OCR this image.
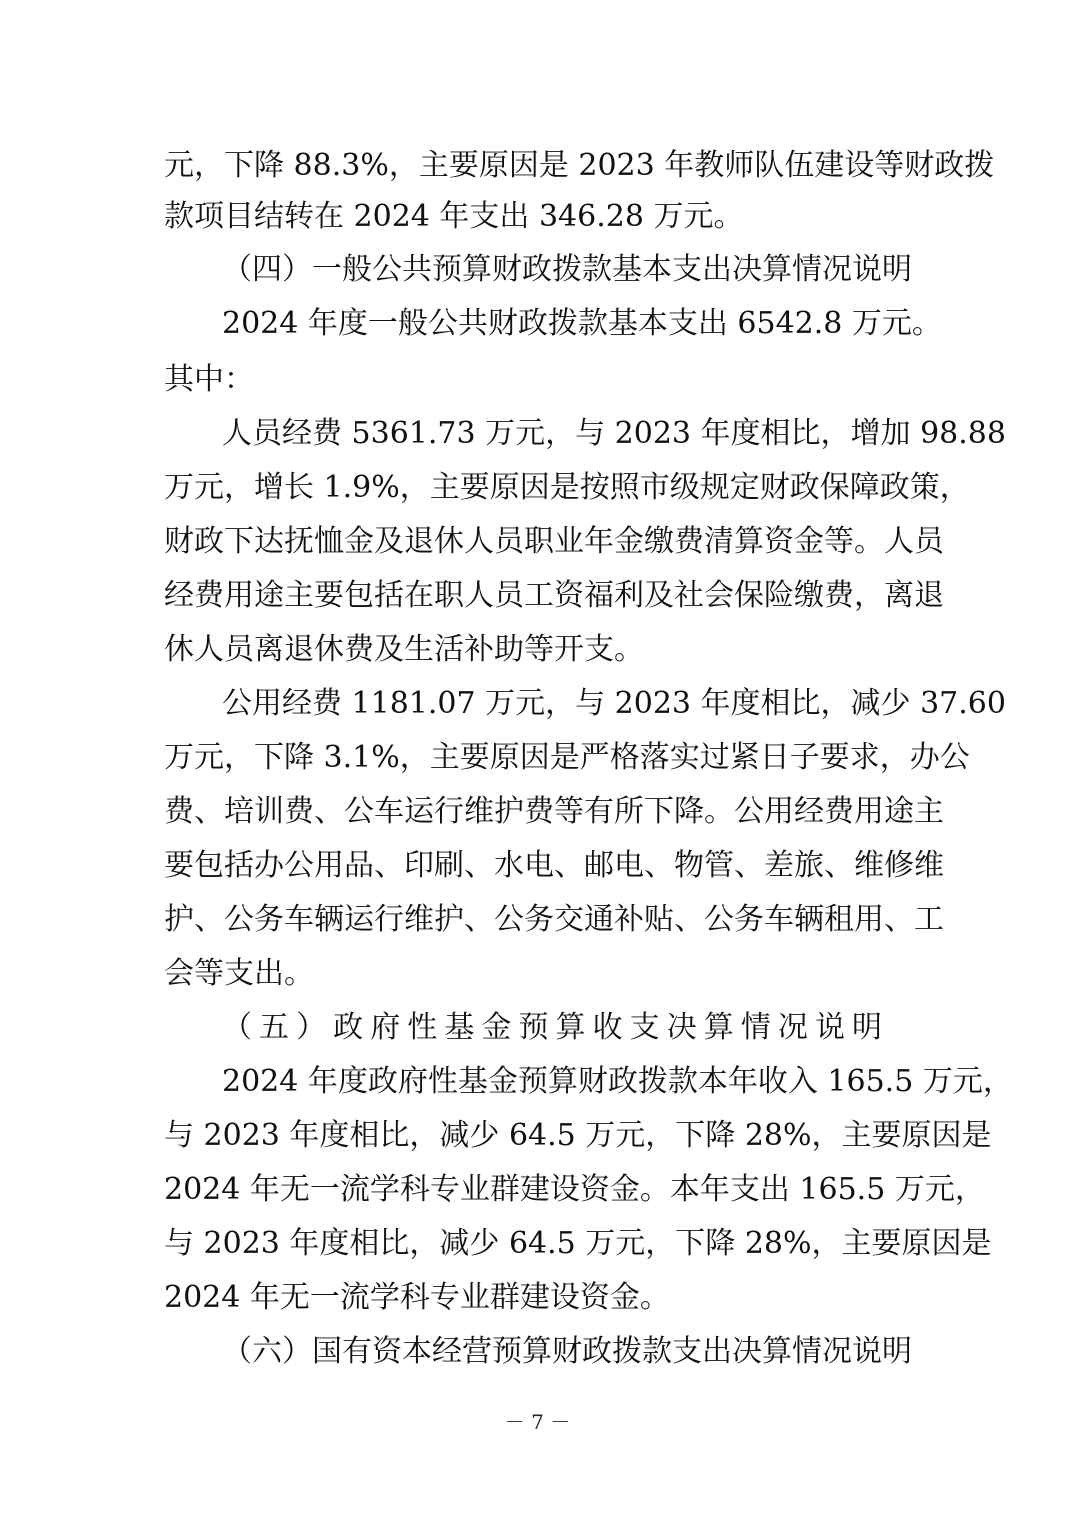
元，下降 88.3%，主要原因是 2023 年教师队伍建设等财政拨
款项目结转在 2024 年支出 346.28 万元。
（四）一般公共预算财政拨款基本支出决算情况说明
2024 年度一般公共财政拨款基本支出 6542.8 万元。
其中：
人员经费 5361.73 万元，与 2023 年度相比，增加 98.88
万元，增长 1.9%，主要原因是按照市级规定财政保障政策，
财政下达抚恤金及退休人员职业年金缴费清算资金等。人员
经费用途主要包括在职人员工资福利及社会保险缴费，离退
休人员离退休费及生活补助等开支。
公用经费 1181.07 万元，与 2023 年度相比，减少 37.60
万元，下降 3.1%，主要原因是严格落实过紧日子要求，办公
费、培训费、公车运行维护费等有所下降。公用经费用途主
要包括办公用品、印刷、水电、邮电、物管、差旅、维修维
护、公务车辆运行维护、公务交通补贴、公务车辆租用、工
会等支出。
（五）政府性基金预算收支决算情况说明
2024 年度政府性基金预算财政拨款本年收入 165.5 万元，
与 2023 年度相比，减少 64.5 万元，下降 28%，主要原因是
2024 年无一流学科专业群建设资金。本年支出 165.5 万元，
与 2023 年度相比，减少 64.5 万元，下降 28%，主要原因是
2024 年无一流学科专业群建设资金。
（六）国有资本经营预算财政拨款支出决算情况说明
－ 7 －
